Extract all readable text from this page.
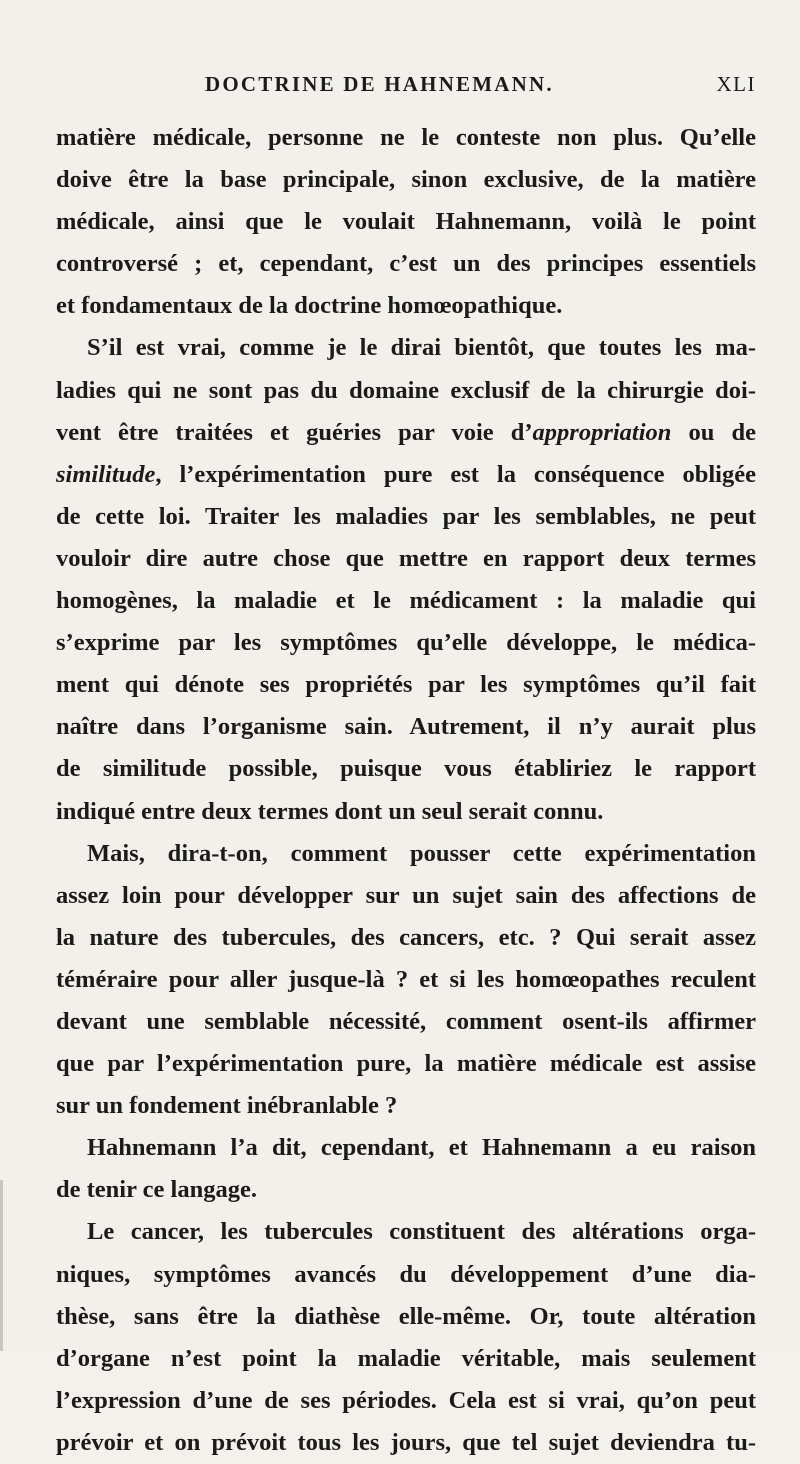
DOCTRINE DE HAHNEMANN.	XLI
matière médicale, personne ne le conteste non plus. Qu’elle
doive être la base principale, sinon exclusive, de la matière
médicale, ainsi que le voulait Hahnemann, voilà le point
controversé ; et, cependant, c’est un des principes essentiels
et fondamentaux de la doctrine homœopathique.
S’il est vrai, comme je le dirai bientôt, que toutes les ma-
ladies qui ne sont pas du domaine exclusif de la chirurgie doi-
vent être traitées et guéries par voie d’appropriation ou de
similitude, l’expérimentation pure est la conséquence obligée
de cette loi. Traiter les maladies par les semblables, ne peut
vouloir dire autre chose que mettre en rapport deux termes
homogènes, la maladie et le médicament : la maladie qui
s’exprime par les symptômes qu’elle développe, le médica-
ment qui dénote ses propriétés par les symptômes qu’il fait
naître dans l’organisme sain. Autrement, il n’y aurait plus
de similitude possible, puisque vous établiriez le rapport
indiqué entre deux termes dont un seul serait connu.
Mais, dira-t-on, comment pousser cette expérimentation
assez loin pour développer sur un sujet sain des affections de
la nature des tubercules, des cancers, etc. ? Qui serait assez
téméraire pour aller jusque-là ? et si les homœopathes reculent
devant une semblable nécessité, comment osent-ils affirmer
que par l’expérimentation pure, la matière médicale est assise
sur un fondement inébranlable ?
Hahnemann l’a dit, cependant, et Hahnemann a eu raison
de tenir ce langage.
Le cancer, les tubercules constituent des altérations orga-
niques, symptômes avancés du développement d’une dia-
thèse, sans être la diathèse elle-même. Or, toute altération
d’organe n’est point la maladie véritable, mais seulement
l’expression d’une de ses périodes. Cela est si vrai, qu’on peut
prévoir et on prévoit tous les jours, que tel sujet deviendra tu-
